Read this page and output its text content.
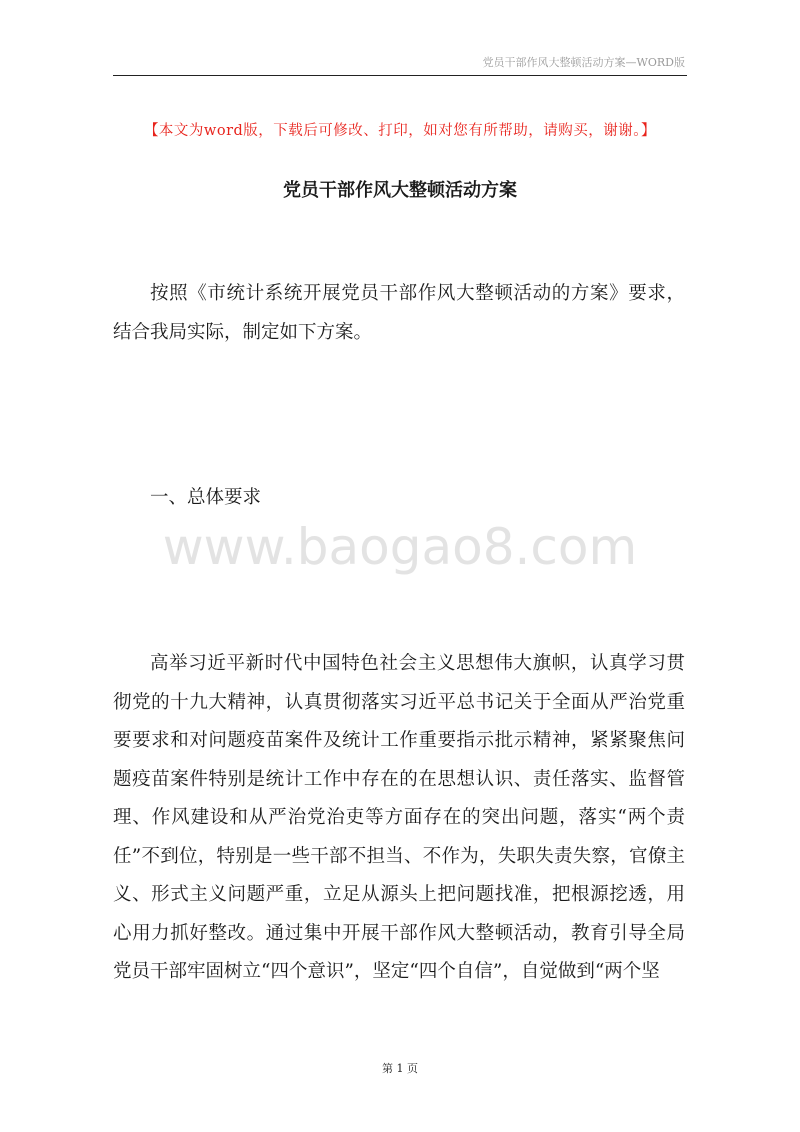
党员干部作风大整顿活动方案—WORD版
【本文为word版，下载后可修改、打印，如对您有所帮助，请购买，谢谢。】
党员干部作风大整顿活动方案

按照《市统计系统开展党员干部作风大整顿活动的方案》要求，结合我局实际，制定如下方案。

一、总体要求

www.baogao8.com

高举习近平新时代中国特色社会主义思想伟大旗帜，认真学习贯彻党的十九大精神，认真贯彻落实习近平总书记关于全面从严治党重要要求和对问题疫苗案件及统计工作重要指示批示精神，紧紧聚焦问题疫苗案件特别是统计工作中存在的在思想认识、责任落实、监督管理、作风建设和从严治党治吏等方面存在的突出问题，落实“两个责任”不到位，特别是一些干部不担当、不作为，失职失责失察，官僚主义、形式主义问题严重，立足从源头上把问题找准，把根源挖透，用心用力抓好整改。通过集中开展干部作风大整顿活动，教育引导全局党员干部牢固树立“四个意识”，坚定“四个自信”，自觉做到“两个坚

第 1 页
